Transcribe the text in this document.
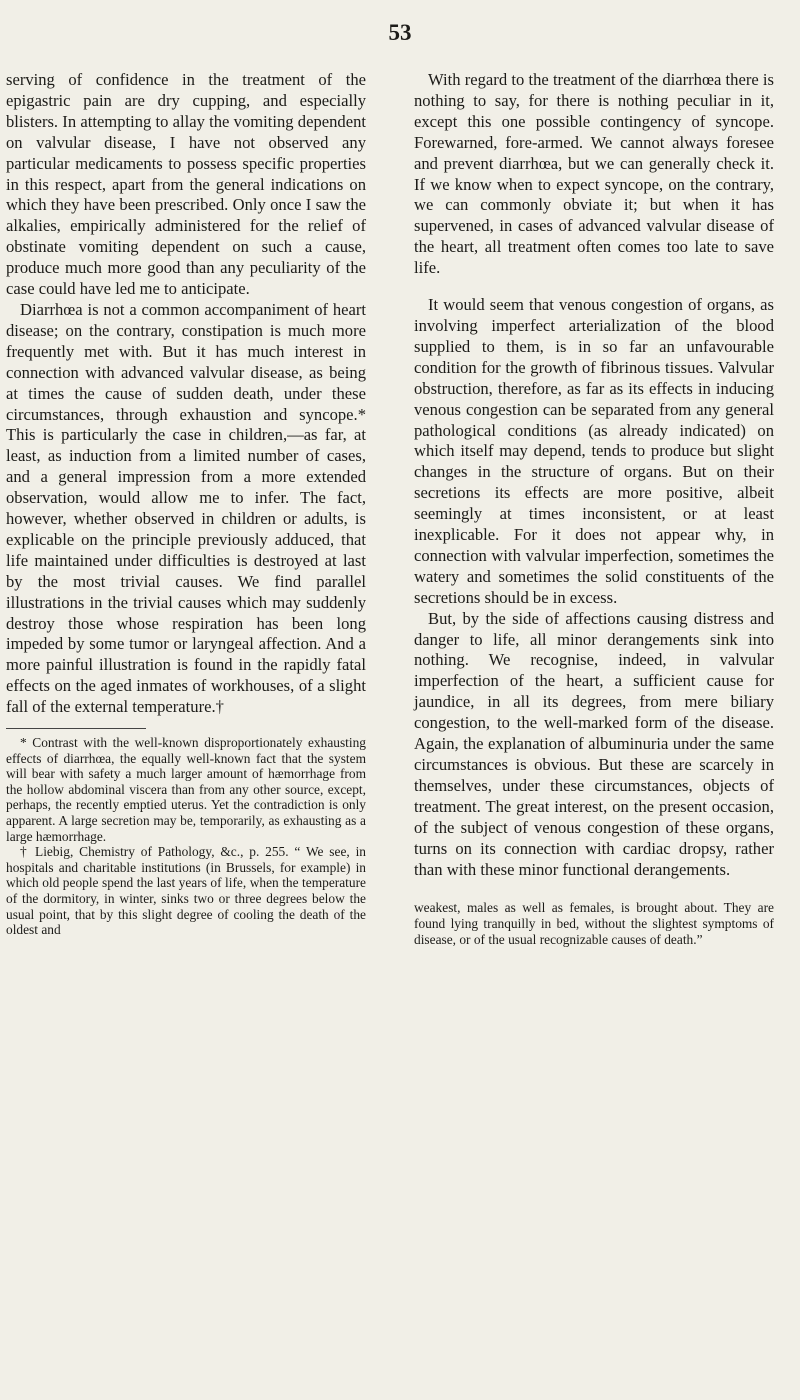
53

serving of confidence in the treatment of the epigastric pain are dry cupping, and especially blisters. In attempting to allay the vomiting dependent on valvular disease, I have not observed any particular medicaments to possess specific properties in this respect, apart from the general indications on which they have been prescribed. Only once I saw the alkalies, empirically administered for the relief of obstinate vomiting dependent on such a cause, produce much more good than any peculiarity of the case could have led me to anticipate.

Diarrhœa is not a common accompaniment of heart disease; on the contrary, constipation is much more frequently met with. But it has much interest in connection with advanced valvular disease, as being at times the cause of sudden death, under these circumstances, through exhaustion and syncope.* This is particularly the case in children,—as far, at least, as induction from a limited number of cases, and a general impression from a more extended observation, would allow me to infer. The fact, however, whether observed in children or adults, is explicable on the principle previously adduced, that life maintained under difficulties is destroyed at last by the most trivial causes. We find parallel illustrations in the trivial causes which may suddenly destroy those whose respiration has been long impeded by some tumor or laryngeal affection. And a more painful illustration is found in the rapidly fatal effects on the aged inmates of workhouses, of a slight fall of the external temperature.†

* Contrast with the well-known disproportionately exhausting effects of diarrhœa, the equally well-known fact that the system will bear with safety a much larger amount of hæmorrhage from the hollow abdominal viscera than from any other source, except, perhaps, the recently emptied uterus. Yet the contradiction is only apparent. A large secretion may be, temporarily, as exhausting as a large hæmorrhage.

† Liebig, Chemistry of Pathology, &c., p. 255. “ We see, in hospitals and charitable institutions (in Brussels, for example) in which old people spend the last years of life, when the temperature of the dormitory, in winter, sinks two or three degrees below the usual point, that by this slight degree of cooling the death of the oldest and

With regard to the treatment of the diarrhœa there is nothing to say, for there is nothing peculiar in it, except this one possible contingency of syncope. Forewarned, fore-armed. We cannot always foresee and prevent diarrhœa, but we can generally check it. If we know when to expect syncope, on the contrary, we can commonly obviate it; but when it has supervened, in cases of advanced valvular disease of the heart, all treatment often comes too late to save life.

It would seem that venous congestion of organs, as involving imperfect arterialization of the blood supplied to them, is in so far an unfavourable condition for the growth of fibrinous tissues. Valvular obstruction, therefore, as far as its effects in inducing venous congestion can be separated from any general pathological conditions (as already indicated) on which itself may depend, tends to produce but slight changes in the structure of organs. But on their secretions its effects are more positive, albeit seemingly at times inconsistent, or at least inexplicable. For it does not appear why, in connection with valvular imperfection, sometimes the watery and sometimes the solid constituents of the secretions should be in excess.

But, by the side of affections causing distress and danger to life, all minor derangements sink into nothing. We recognise, indeed, in valvular imperfection of the heart, a sufficient cause for jaundice, in all its degrees, from mere biliary congestion, to the well-marked form of the disease. Again, the explanation of albuminuria under the same circumstances is obvious. But these are scarcely in themselves, under these circumstances, objects of treatment. The great interest, on the present occasion, of the subject of venous congestion of these organs, turns on its connection with cardiac dropsy, rather than with these minor functional derangements.

weakest, males as well as females, is brought about. They are found lying tranquilly in bed, without the slightest symptoms of disease, or of the usual recognizable causes of death.”
